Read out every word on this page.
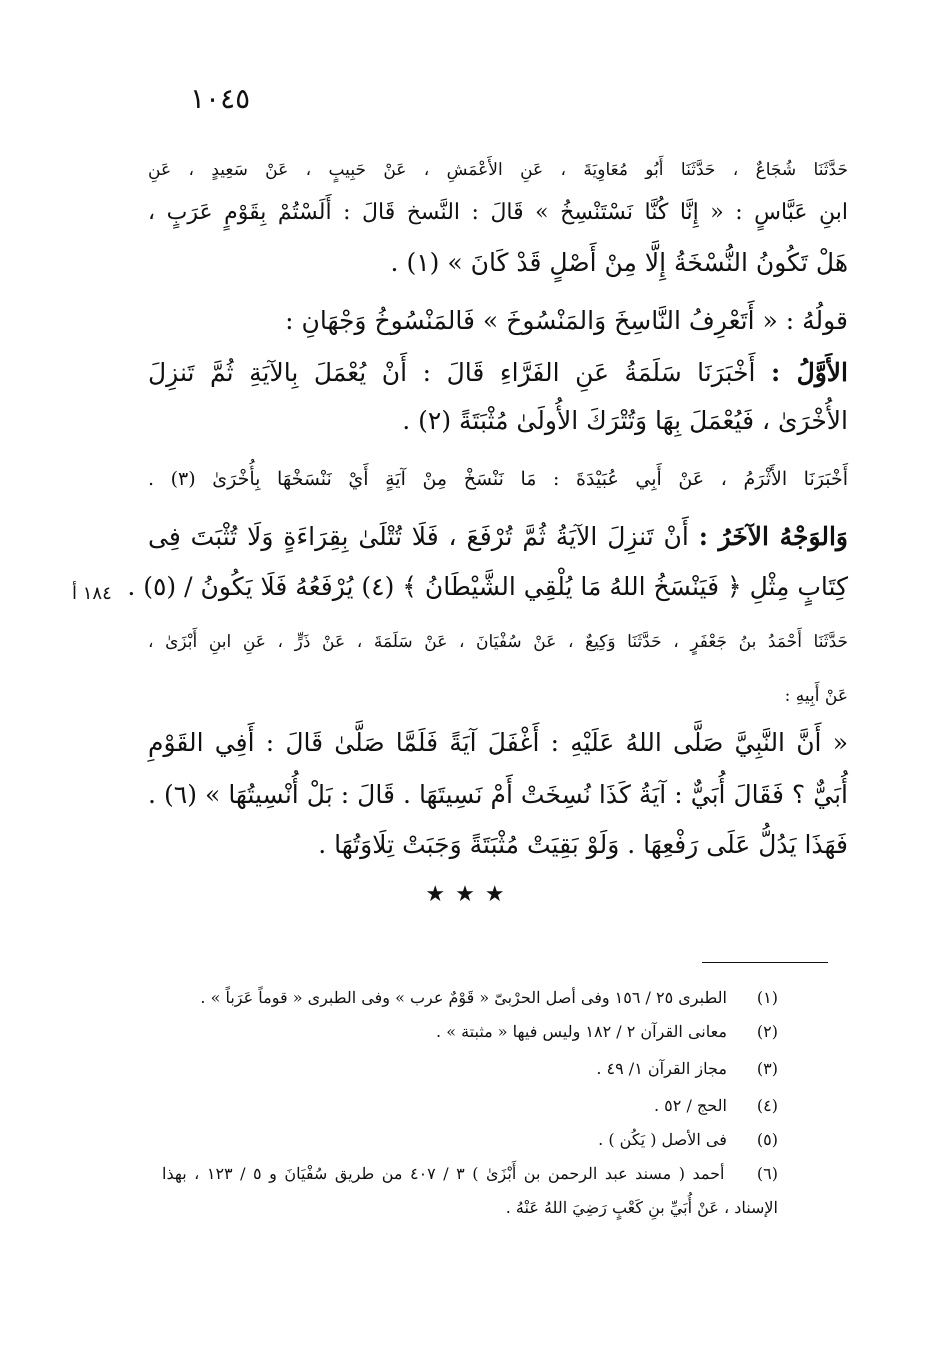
١٠٤٥
حَدَّثَنَا شُجَاعٌ ، حَدَّثَنَا أَبُو مُعَاوِيَةَ ، عَنِ الأَعْمَشِ ، عَنْ حَبِيبٍ ، عَنْ سَعِيدٍ ، عَنِ
ابنِ عَبَّاسٍ : « إِنَّا كُنَّا نَسْتَنْسِخُ » قَالَ : النَّسخ قَالَ : أَلَسْتُمْ بِقَوْمٍ عَرَبٍ ،
هَلْ تَكُونُ النُّسْخَةُ إِلَّا مِنْ أَصْلٍ قَدْ كَانَ » (١) .
قولُهُ : « أَتَعْرِفُ النَّاسِخَ وَالمَنْسُوخَ » فَالمَنْسُوخُ وَجْهَانِ :
الأَوَّلُ : أَخْبَرَنَا سَلَمَةُ عَنِ الفَرَّاءِ قَالَ : أَنْ يُعْمَلَ بِالآيَةِ ثُمَّ تَنزِلَ
الأُخْرَىٰ ، فَيُعْمَلَ بِهَا وَتُتْرَكَ الأُولَىٰ مُثْبَتَةً (٢) .
أَخْبَرَنَا الأَثْرَمُ ، عَنْ أَبِي عُبَيْدَةَ : مَا نَنْسَخْ مِنْ آيَةٍ أَيْ نَنْسَخْهَا بِأُخْرَىٰ (٣) .
وَالوَجْهُ الآخَرُ : أَنْ تَنزِلَ الآيَةُ ثُمَّ تُرْفَعَ ، فَلَا تُتْلَىٰ بِقِرَاءَةٍ وَلَا تُثْبَتَ فِى
كِتَابٍ مِثْلِ ﴿ فَيَنْسَخُ اللهُ مَا يُلْقِي الشَّيْطَانُ ﴾ (٤) يُرْفَعُهُ فَلَا يَكُونُ / (٥) .
١٨٤ أ
حَدَّثَنَا أَحْمَدُ بنُ جَعْفَرٍ ، حَدَّثَنَا وَكِيعٌ ، عَنْ سُفْيَانَ ، عَنْ سَلَمَةَ ، عَنْ ذَرٍّ ، عَنِ ابنِ أَبْزَىٰ ،
عَنْ أَبِيهِ :
« أَنَّ النَّبِيَّ صَلَّى اللهُ عَلَيْهِ : أَغْفَلَ آيَةً فَلَمَّا صَلَّىٰ قَالَ : أَفِي القَوْمِ
أُبَيٌّ ؟ فَقَالَ أُبَيٌّ : آيَةُ كَذَا نُسِخَتْ أَمْ نَسِيتَهَا . قَالَ : بَلْ أُنْسِيتُهَا » (٦) .
فَهَذَا يَدُلُّ عَلَى رَفْعِهَا . وَلَوْ بَقِيَتْ مُثْبَتَةً وَجَبَتْ تِلَاوَتُهَا .
★★★
(١) الطبرى ٢٥ / ١٥٦ وفى أصل الحرْبىّ « قَوْمٌ عرب » وفى الطبرى « قوماً عَرَباً » .
(٢) معانى القرآن ٢ / ١٨٢ وليس فيها « مثبتة » .
(٣) مجاز القرآن ١/ ٤٩ .
(٤) الحج / ٥٢ .
(٥) فى الأصل ( يَكُن ) .
(٦) أحمد ( مسند عبد الرحمن بن أَبْزَىٰ ) ٣ / ٤٠٧ من طريق سُفْيَانَ و ٥ / ١٢٣ ، بهذا
الإسناد ، عَنْ أُبَيِّ بنِ كَعْبٍ رَضِيَ اللهُ عَنْهُ .
